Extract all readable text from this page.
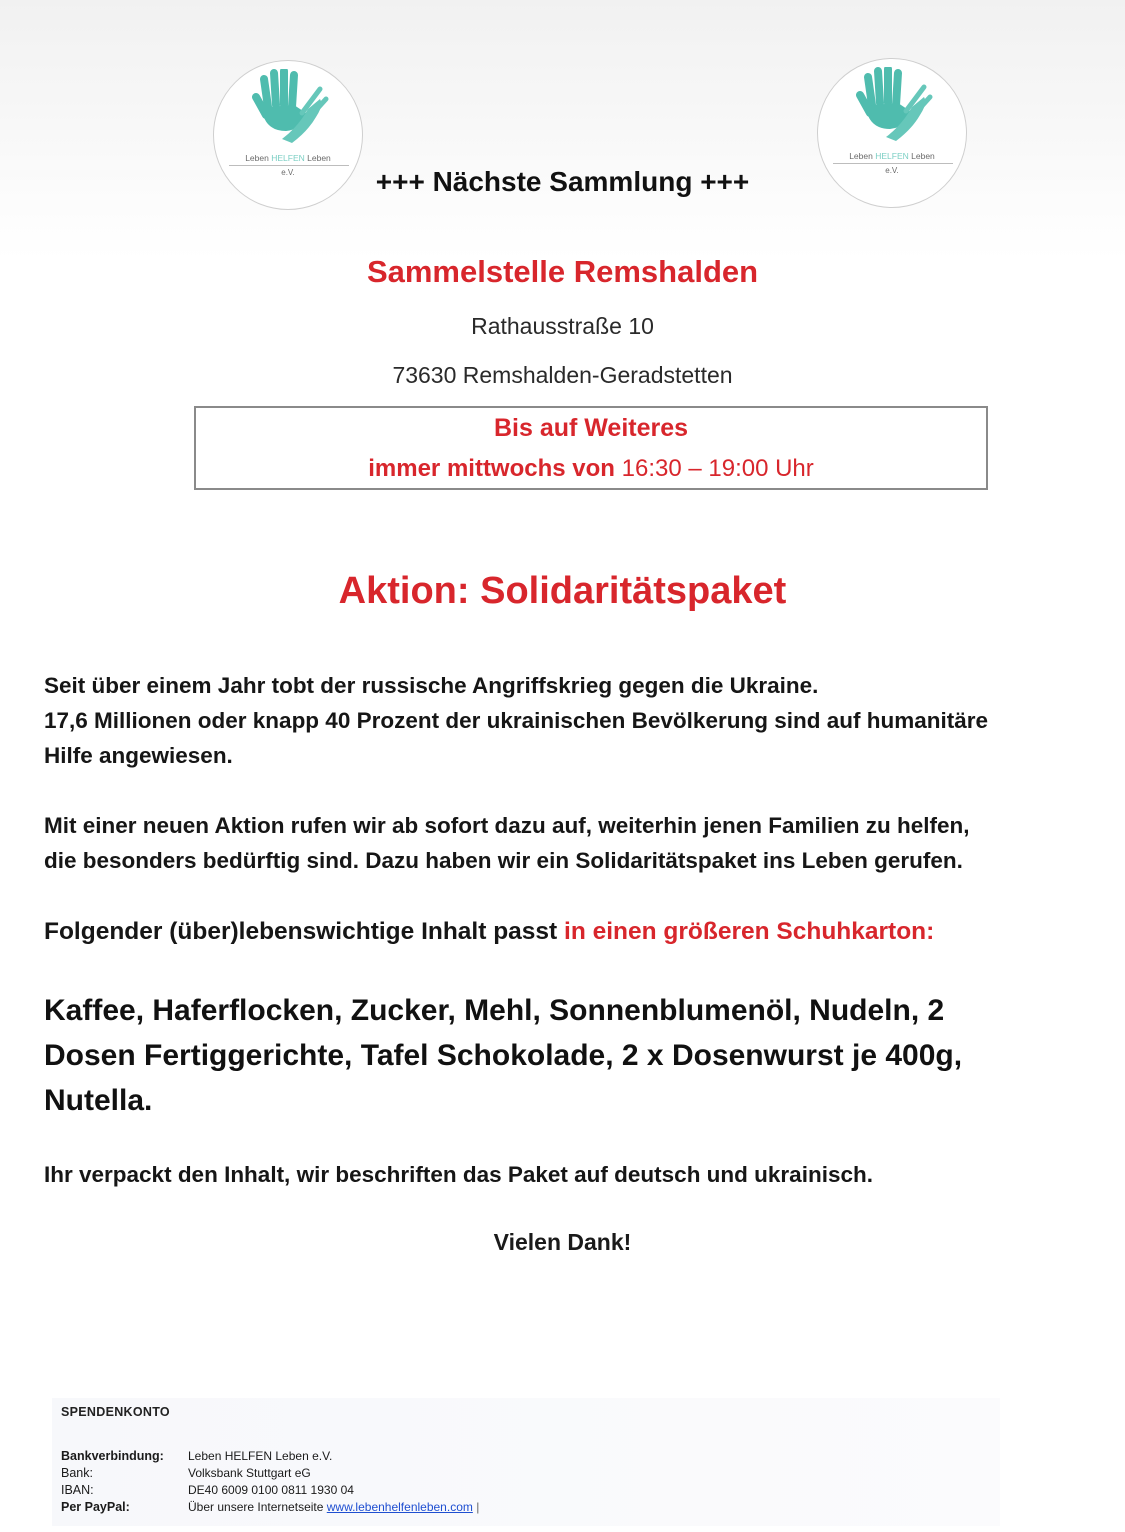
Leben HELFEN Leben
e.V.
Leben HELFEN Leben
e.V.
+++ Nächste Sammlung +++
Sammelstelle Remshalden
Rathausstraße 10
73630 Remshalden-Geradstetten
Bis auf Weiteres
immer mittwochs von 16:30 – 19:00 Uhr
Aktion: Solidaritätspaket
Seit über einem Jahr tobt der russische Angriffskrieg gegen die Ukraine.
17,6 Millionen oder knapp 40 Prozent der ukrainischen Bevölkerung sind auf humanitäre
Hilfe angewiesen.
Mit einer neuen Aktion rufen wir ab sofort dazu auf, weiterhin jenen Familien zu helfen,
die besonders bedürftig sind. Dazu haben wir ein Solidaritätspaket ins Leben gerufen.
Folgender (über)lebenswichtige Inhalt passt in einen größeren Schuhkarton:
Kaffee, Haferflocken, Zucker, Mehl, Sonnenblumenöl, Nudeln, 2
Dosen Fertiggerichte, Tafel Schokolade, 2 x Dosenwurst je 400g,
Nutella.
Ihr verpackt den Inhalt, wir beschriften das Paket auf deutsch und ukrainisch.
Vielen Dank!
SPENDENKONTO
Bankverbindung: Leben HELFEN Leben e.V.
Bank:	Volksbank Stuttgart eG
IBAN:	DE40 6009 0100 0811 1930 04
Per PayPal:	Über unsere Internetseite www.lebenhelfenleben.com |
